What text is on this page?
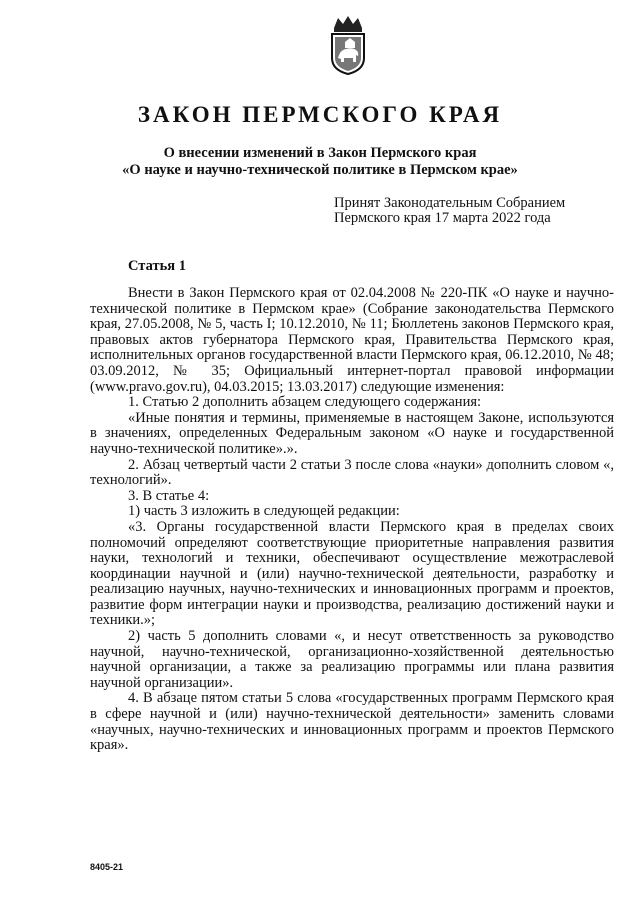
ЗАКОН ПЕРМСКОГО КРАЯ
О внесении изменений в Закон Пермского края
«О науке и научно-технической политике в Пермском крае»
Принят Законодательным Собранием
Пермского края 17 марта 2022 года
Статья 1

Внести в Закон Пермского края от 02.04.2008 № 220-ПК «О науке и научно-технической политике в Пермском крае» (Собрание законодательства Пермского края, 27.05.2008, № 5, часть I; 10.12.2010, № 11; Бюллетень законов Пермского края, правовых актов губернатора Пермского края, Правительства Пермского края, исполнительных органов государственной власти Пермского края, 06.12.2010, № 48; 03.09.2012, № 35; Официальный интернет-портал правовой информации (www.pravo.gov.ru), 04.03.2015; 13.03.2017) следующие изменения:

1. Статью 2 дополнить абзацем следующего содержания:

«Иные понятия и термины, применяемые в настоящем Законе, используются в значениях, определенных Федеральным законом «О науке и государственной научно-технической политике».».

2. Абзац четвертый части 2 статьи 3 после слова «науки» дополнить словом «, технологий».

3. В статье 4:

1) часть 3 изложить в следующей редакции:

«3. Органы государственной власти Пермского края в пределах своих полномочий определяют соответствующие приоритетные направления развития науки, технологий и техники, обеспечивают осуществление межотраслевой координации научной и (или) научно-технической деятельности, разработку и реализацию научных, научно-технических и инновационных программ и проектов, развитие форм интеграции науки и производства, реализацию достижений науки и техники.»;

2) часть 5 дополнить словами «, и несут ответственность за руководство научной, научно-технической, организационно-хозяйственной деятельностью научной организации, а также за реализацию программы или плана развития научной организации».

4. В абзаце пятом статьи 5 слова «государственных программ Пермского края в сфере научной и (или) научно-технической деятельности» заменить словами «научных, научно-технических и инновационных программ и проектов Пермского края».

8405-21
